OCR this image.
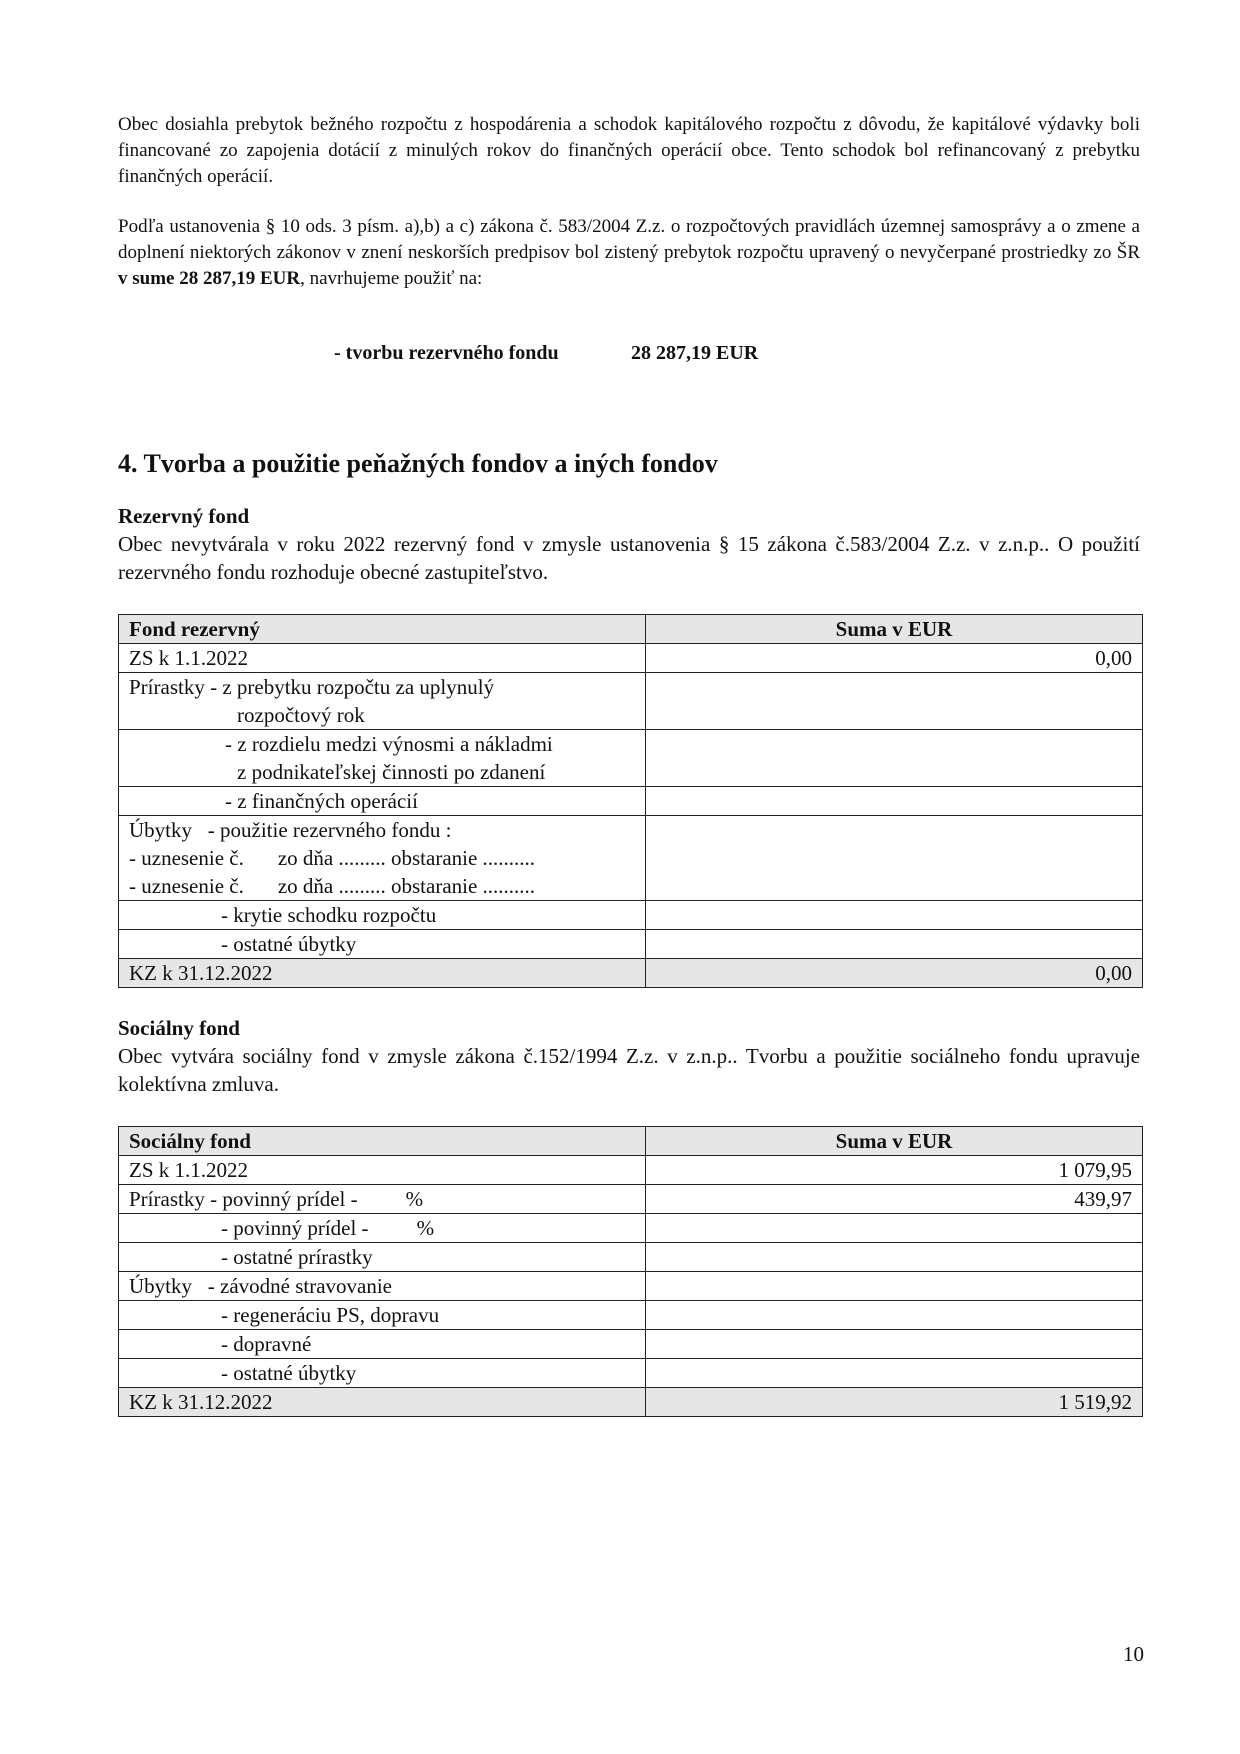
Obec dosiahla prebytok bežného rozpočtu z hospodárenia a schodok kapitálového rozpočtu z dôvodu, že kapitálové výdavky boli financované zo zapojenia dotácií z minulých rokov do finančných operácií obce. Tento schodok bol refinancovaný z prebytku finančných operácií.

Podľa ustanovenia § 10 ods. 3 písm. a),b) a c) zákona č. 583/2004 Z.z. o rozpočtových pravidlách územnej samosprávy a o zmene a doplnení niektorých zákonov v znení neskorších predpisov bol zistený prebytok rozpočtu upravený o nevyčerpané prostriedky zo ŠR v sume 28 287,19 EUR, navrhujeme použiť na:

- tvorbu rezervného fondu	28 287,19 EUR
4. Tvorba a použitie peňažných fondov a iných fondov
Rezervný fond

Obec nevytvárala v roku 2022 rezervný fond v zmysle ustanovenia § 15 zákona č.583/2004 Z.z. v z.n.p.. O použití rezervného fondu rozhoduje obecné zastupiteľstvo.

Fond rezervný	Suma v EUR
ZS k 1.1.2022	0,00

Prírastky - z prebytku rozpočtu za uplynulý
rozpočtový rok	

- z rozdielu medzi výnosmi a nákladmi
z podnikateľskej činnosti po zdanení	

- z finančných operácií	

Úbytky   - použitie rezervného fondu :
- uznesenie č. zo dňa ......... obstaranie ..........
- uznesenie č. zo dňa ......... obstaranie ..........	

- krytie schodku rozpočtu	

- ostatné úbytky	

KZ k 31.12.2022	0,00
Sociálny fond

Obec vytvára sociálny fond v zmysle zákona č.152/1994 Z.z. v z.n.p.. Tvorbu a použitie sociálneho fondu upravuje kolektívna zmluva.

Sociálny fond	Suma v EUR
ZS k 1.1.2022	1 079,95

Prírastky - povinný prídel - %	439,97

- povinný prídel - %	

- ostatné prírastky	

Úbytky   - závodné stravovanie	

- regeneráciu PS, dopravu	

- dopravné	

- ostatné úbytky	

KZ k 31.12.2022	1 519,92
10
